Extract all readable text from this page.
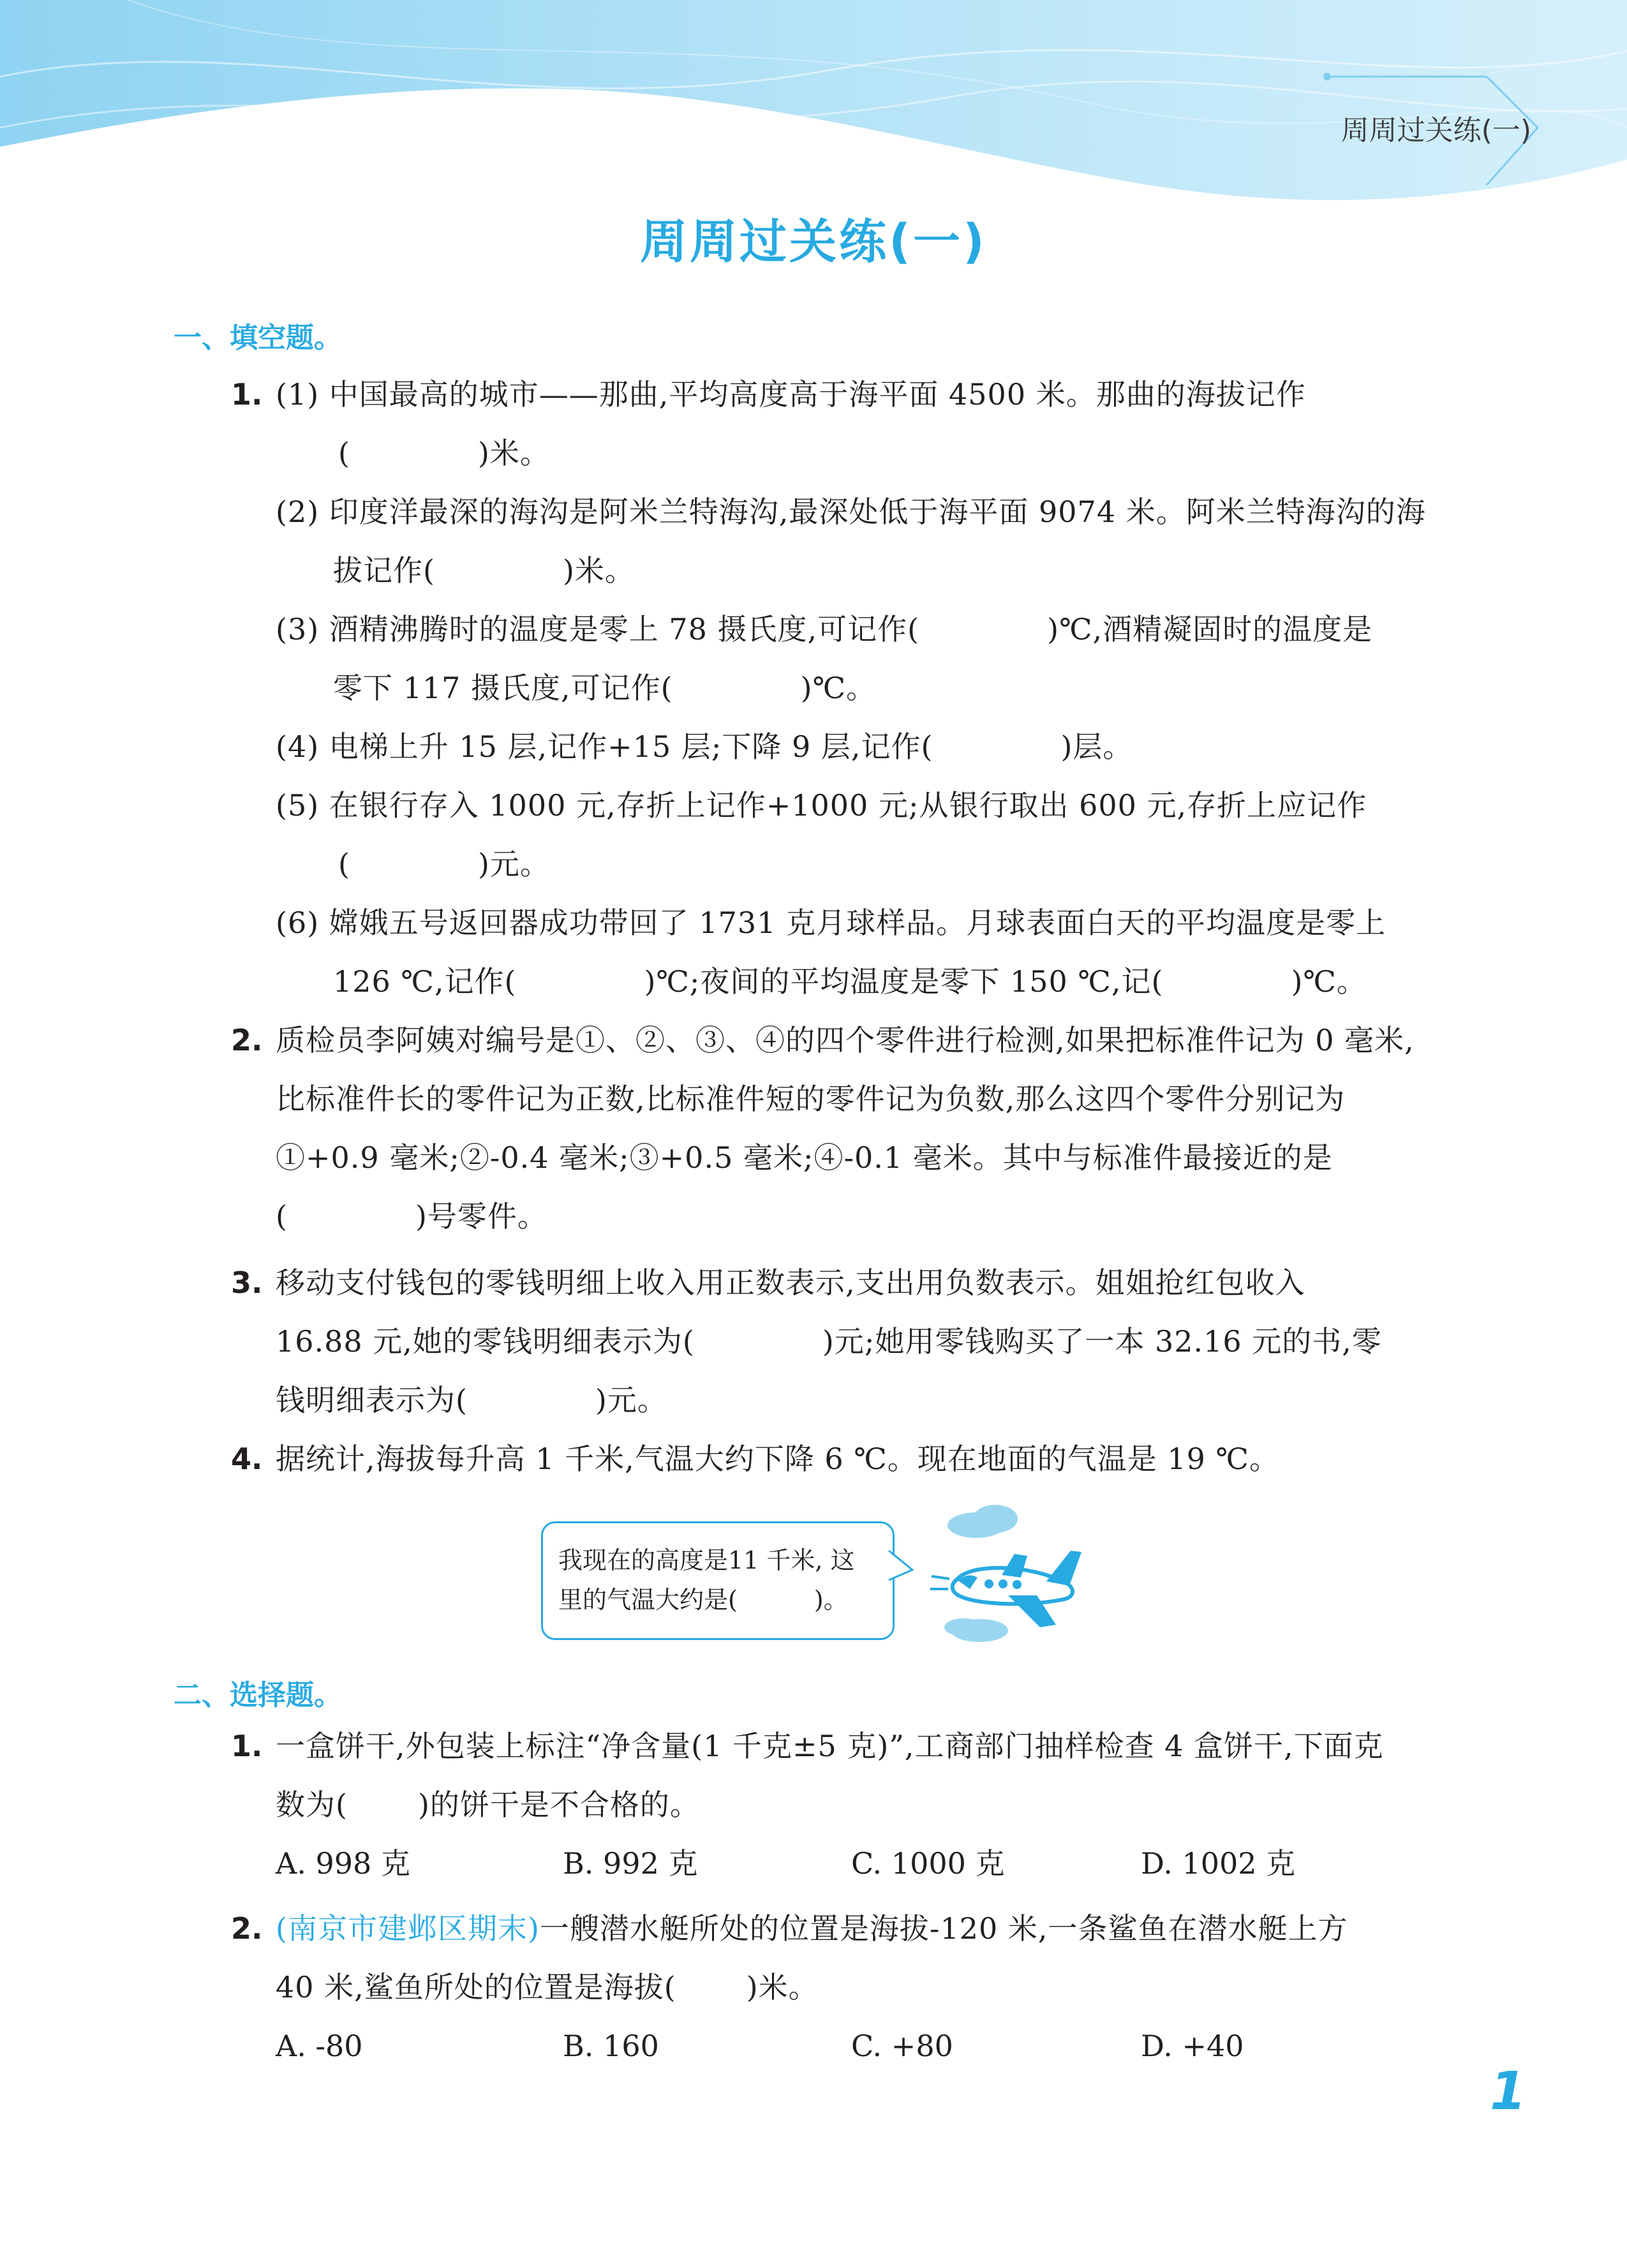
周周过关练(一)
周周过关练(一)
一、填空题。
1. (1) 中国最高的城市——那曲,平均高度高于海平面 4500 米。那曲的海拔记作
(	)米。
(2) 印度洋最深的海沟是阿米兰特海沟,最深处低于海平面 9074 米。阿米兰特海沟的海
拔记作(	)米。
(3) 酒精沸腾时的温度是零上 78 摄氏度,可记作(	)℃,酒精凝固时的温度是
零下 117 摄氏度,可记作(	)℃。
(4) 电梯上升 15 层,记作+15 层;下降 9 层,记作(	)层。
(5) 在银行存入 1000 元,存折上记作+1000 元;从银行取出 600 元,存折上应记作
(	)元。
(6) 嫦娥五号返回器成功带回了 1731 克月球样品。月球表面白天的平均温度是零上
126 ℃,记作(	)℃;夜间的平均温度是零下 150 ℃,记(	)℃。
2. 质检员李阿姨对编号是①、②、③、④的四个零件进行检测,如果把标准件记为 0 毫米,
比标准件长的零件记为正数,比标准件短的零件记为负数,那么这四个零件分别记为
①+0.9 毫米;②-0.4 毫米;③+0.5 毫米;④-0.1 毫米。其中与标准件最接近的是
(	)号零件。
3. 移动支付钱包的零钱明细上收入用正数表示,支出用负数表示。姐姐抢红包收入
16.88 元,她的零钱明细表示为(	)元;她用零钱购买了一本 32.16 元的书,零
钱明细表示为(	)元。
4. 据统计,海拔每升高 1 千米,气温大约下降 6 ℃。现在地面的气温是 19 ℃。
我现在的高度是11 千米, 这
里的气温大约是(	)。
二、选择题。
1. 一盒饼干,外包装上标注“净含量(1 千克±5 克)”,工商部门抽样检查 4 盒饼干,下面克
数为( )的饼干是不合格的。
A. 998 克	B. 992 克	C. 1000 克	D. 1002 克
2. (南京市建邺区期末)一艘潜水艇所处的位置是海拔-120 米,一条鲨鱼在潜水艇上方
40 米,鲨鱼所处的位置是海拔( )米。
A. -80	B. 160	C. +80	D. +40
1
